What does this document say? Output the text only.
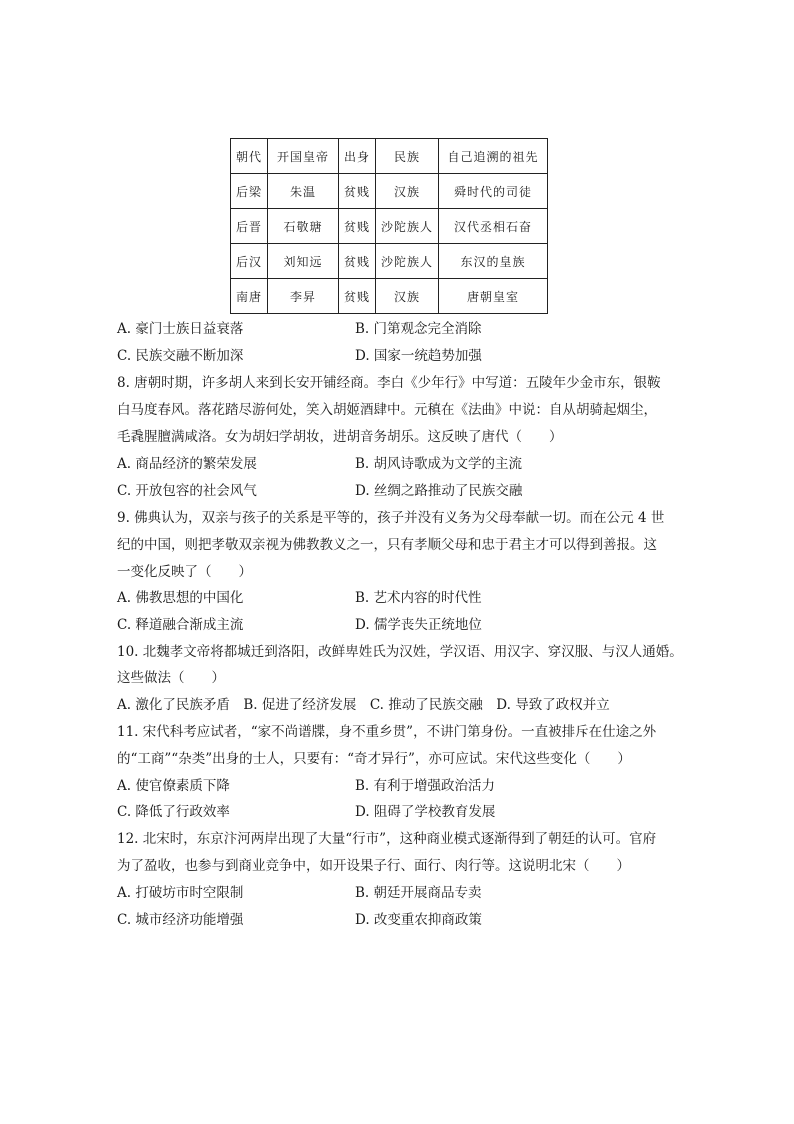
朝代	开国皇帝	出身	民族	自己追溯的祖先
后梁	朱温	贫贱	汉族	舜时代的司徒
后晋	石敬瑭	贫贱	沙陀族人	汉代丞相石奋
后汉	刘知远	贫贱	沙陀族人	东汉的皇族
南唐	李昇	贫贱	汉族	唐朝皇室
A. 豪门士族日益衰落	B. 门第观念完全消除
C. 民族交融不断加深	D. 国家一统趋势加强
8. 唐朝时期，许多胡人来到长安开铺经商。李白《少年行》中写道：五陵年少金市东，银鞍
白马度春风。落花踏尽游何处，笑入胡姬酒肆中。元稹在《法曲》中说：自从胡骑起烟尘，
毛毳腥膻满咸洛。女为胡妇学胡妆，进胡音务胡乐。这反映了唐代（　　）
A. 商品经济的繁荣发展	B. 胡风诗歌成为文学的主流
C. 开放包容的社会风气	D. 丝绸之路推动了民族交融
9. 佛典认为，双亲与孩子的关系是平等的，孩子并没有义务为父母奉献一切。而在公元 4 世
纪的中国，则把孝敬双亲视为佛教教义之一，只有孝顺父母和忠于君主才可以得到善报。这
一变化反映了（　　）
A. 佛教思想的中国化	B. 艺术内容的时代性
C. 释道融合渐成主流	D. 儒学丧失正统地位
10. 北魏孝文帝将都城迁到洛阳，改鲜卑姓氏为汉姓，学汉语、用汉字、穿汉服、与汉人通婚。
这些做法（　　）
A. 激化了民族矛盾　B. 促进了经济发展　C. 推动了民族交融　D. 导致了政权并立
11. 宋代科考应试者，“家不尚谱牒，身不重乡贯”，不讲门第身份。一直被排斥在仕途之外
的“工商”“杂类”出身的士人，只要有：“奇才异行”，亦可应试。宋代这些变化（　　）
A. 使官僚素质下降	B. 有利于增强政治活力
C. 降低了行政效率	D. 阻碍了学校教育发展
12. 北宋时，东京汴河两岸出现了大量“行市”，这种商业模式逐渐得到了朝廷的认可。官府
为了盈收，也参与到商业竞争中，如开设果子行、面行、肉行等。这说明北宋（　　）
A. 打破坊市时空限制	B. 朝廷开展商品专卖
C. 城市经济功能增强	D. 改变重农抑商政策
